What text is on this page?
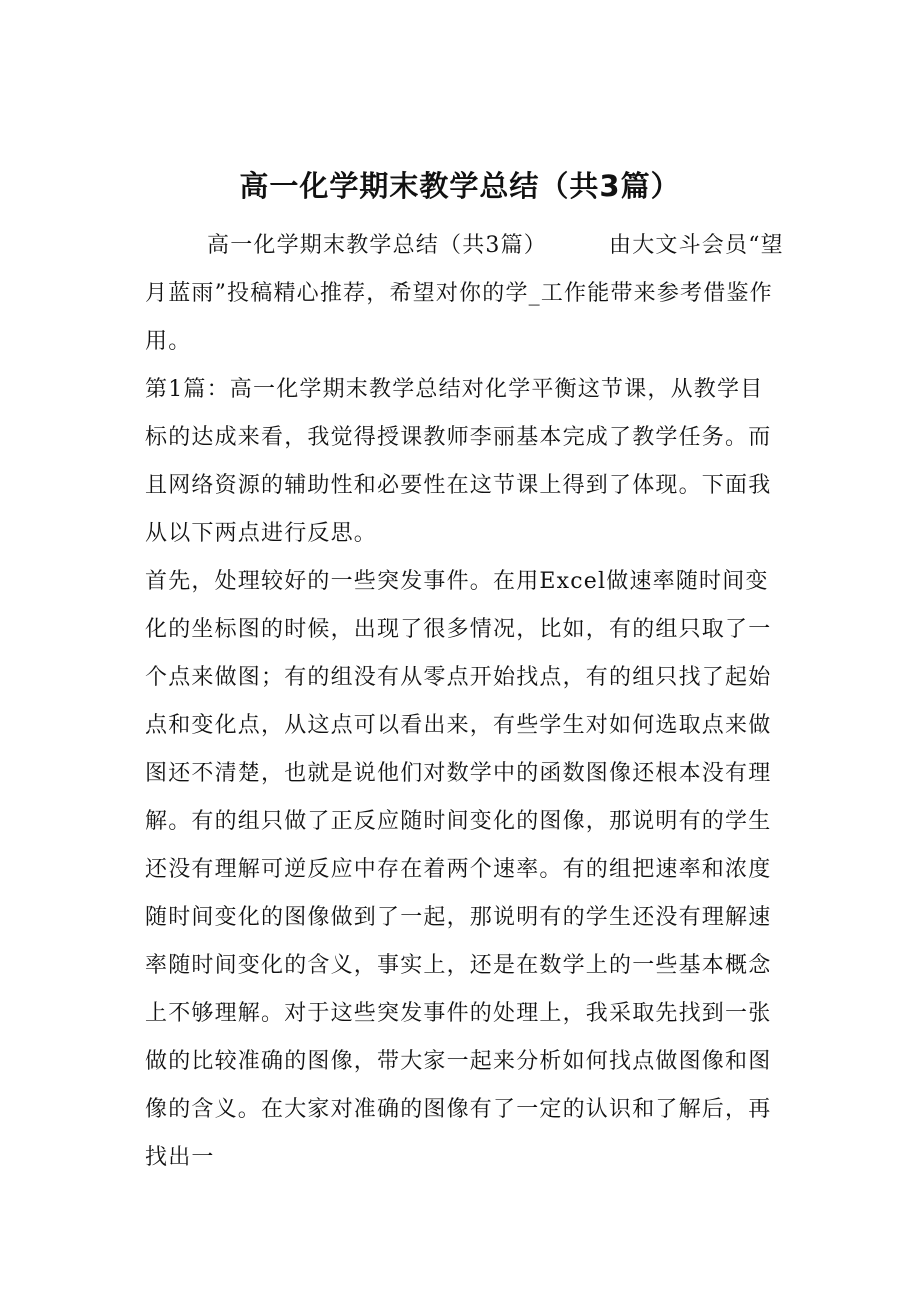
高一化学期末教学总结（共3篇）

高一化学期末教学总结（共3篇）	由大文斗会员“望月蓝雨”投稿精心推荐，希望对你的学_工作能带来参考借鉴作用。

第1篇：高一化学期末教学总结对化学平衡这节课，从教学目标的达成来看，我觉得授课教师李丽基本完成了教学任务。而且网络资源的辅助性和必要性在这节课上得到了体现。下面我从以下两点进行反思。

首先，处理较好的一些突发事件。在用Excel做速率随时间变化的坐标图的时候，出现了很多情况，比如，有的组只取了一个点来做图；有的组没有从零点开始找点，有的组只找了起始点和变化点，从这点可以看出来，有些学生对如何选取点来做图还不清楚，也就是说他们对数学中的函数图像还根本没有理解。有的组只做了正反应随时间变化的图像，那说明有的学生还没有理解可逆反应中存在着两个速率。有的组把速率和浓度随时间变化的图像做到了一起，那说明有的学生还没有理解速率随时间变化的含义，事实上，还是在数学上的一些基本概念上不够理解。对于这些突发事件的处理上，我采取先找到一张做的比较准确的图像，带大家一起来分析如何找点做图像和图像的含义。在大家对准确的图像有了一定的认识和了解后，再找出一
